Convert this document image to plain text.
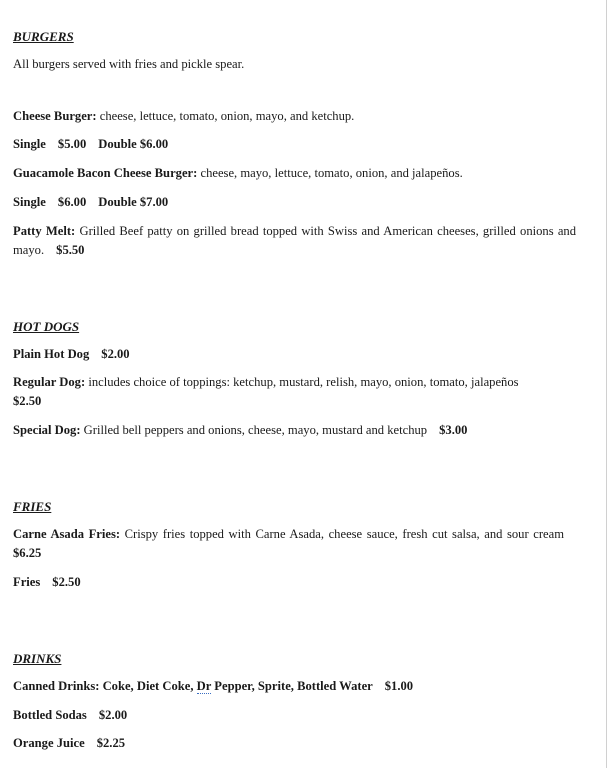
BURGERS
All burgers served with fries and pickle spear.
Cheese Burger: cheese, lettuce, tomato, onion, mayo, and ketchup.
Single $5.00 Double $6.00
Guacamole Bacon Cheese Burger: cheese, mayo, lettuce, tomato, onion, and jalapeños.
Single $6.00 Double $7.00
Patty Melt: Grilled Beef patty on grilled bread topped with Swiss and American cheeses, grilled onions and mayo. $5.50
HOT DOGS
Plain Hot Dog $2.00
Regular Dog: includes choice of toppings: ketchup, mustard, relish, mayo, onion, tomato, jalapeños
$2.50
Special Dog: Grilled bell peppers and onions, cheese, mayo, mustard and ketchup $3.00
FRIES
Carne Asada Fries: Crispy fries topped with Carne Asada, cheese sauce, fresh cut salsa, and sour cream$6.25
Fries $2.50
DRINKS
Canned Drinks: Coke, Diet Coke, Dr Pepper, Sprite, Bottled Water $1.00
Bottled Sodas $2.00
Orange Juice $2.25
